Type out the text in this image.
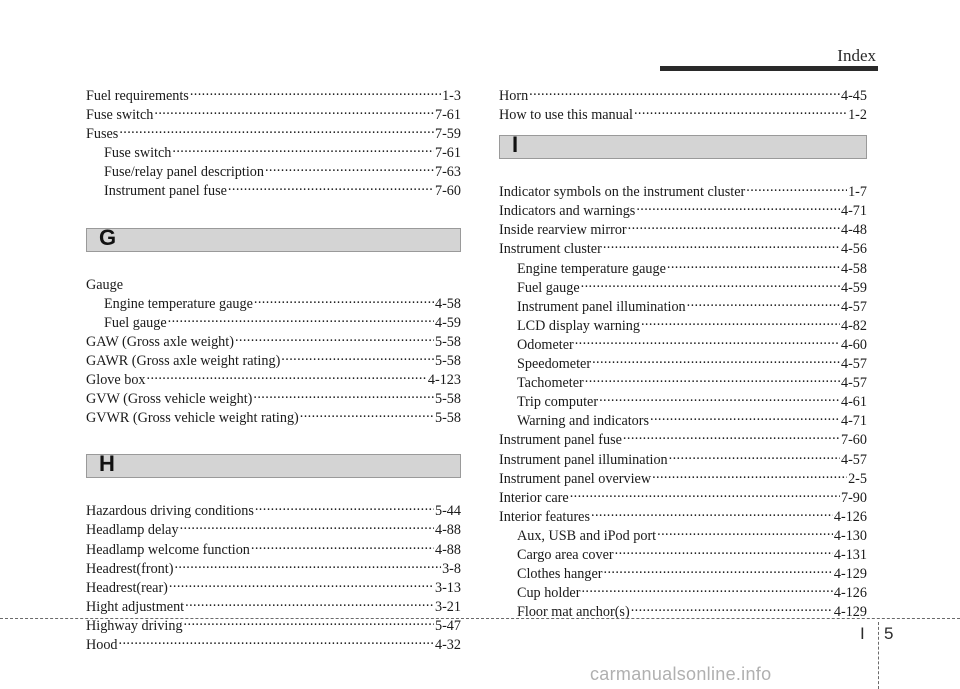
Index
Fuel requirements .....	1-3
Fuse switch .....	7-61
Fuses .....	7-59
Fuse switch .....	7-61
Fuse/relay panel description .....	7-63
Instrument panel fuse .....	7-60
G
Gauge
Engine temperature gauge .....	4-58
Fuel gauge .....	4-59
GAW (Gross axle weight) .....	5-58
GAWR (Gross axle weight rating) .....	5-58
Glove box .....	4-123
GVW (Gross vehicle weight) .....	5-58
GVWR (Gross vehicle weight rating) .....	5-58
H
Hazardous driving conditions .....	5-44
Headlamp delay .....	4-88
Headlamp welcome function .....	4-88
Headrest(front) .....	3-8
Headrest(rear) .....	3-13
Hight adjustment .....	3-21
Highway driving .....	5-47
Hood .....	4-32
Horn .....	4-45
How to use this manual .....	1-2
I
Indicator symbols on the instrument cluster .....	1-7
Indicators and warnings .....	4-71
Inside rearview mirror .....	4-48
Instrument cluster .....	4-56
Engine temperature gauge .....	4-58
Fuel gauge .....	4-59
Instrument panel illumination .....	4-57
LCD display warning .....	4-82
Odometer .....	4-60
Speedometer .....	4-57
Tachometer .....	4-57
Trip computer .....	4-61
Warning and indicators .....	4-71
Instrument panel fuse .....	7-60
Instrument panel illumination .....	4-57
Instrument panel overview .....	2-5
Interior care .....	7-90
Interior features .....	4-126
Aux, USB and iPod port .....	4-130
Cargo area cover .....	4-131
Clothes hanger .....	4-129
Cup holder .....	4-126
Floor mat anchor(s) .....	4-129
I 5
carmanualsonline.info
